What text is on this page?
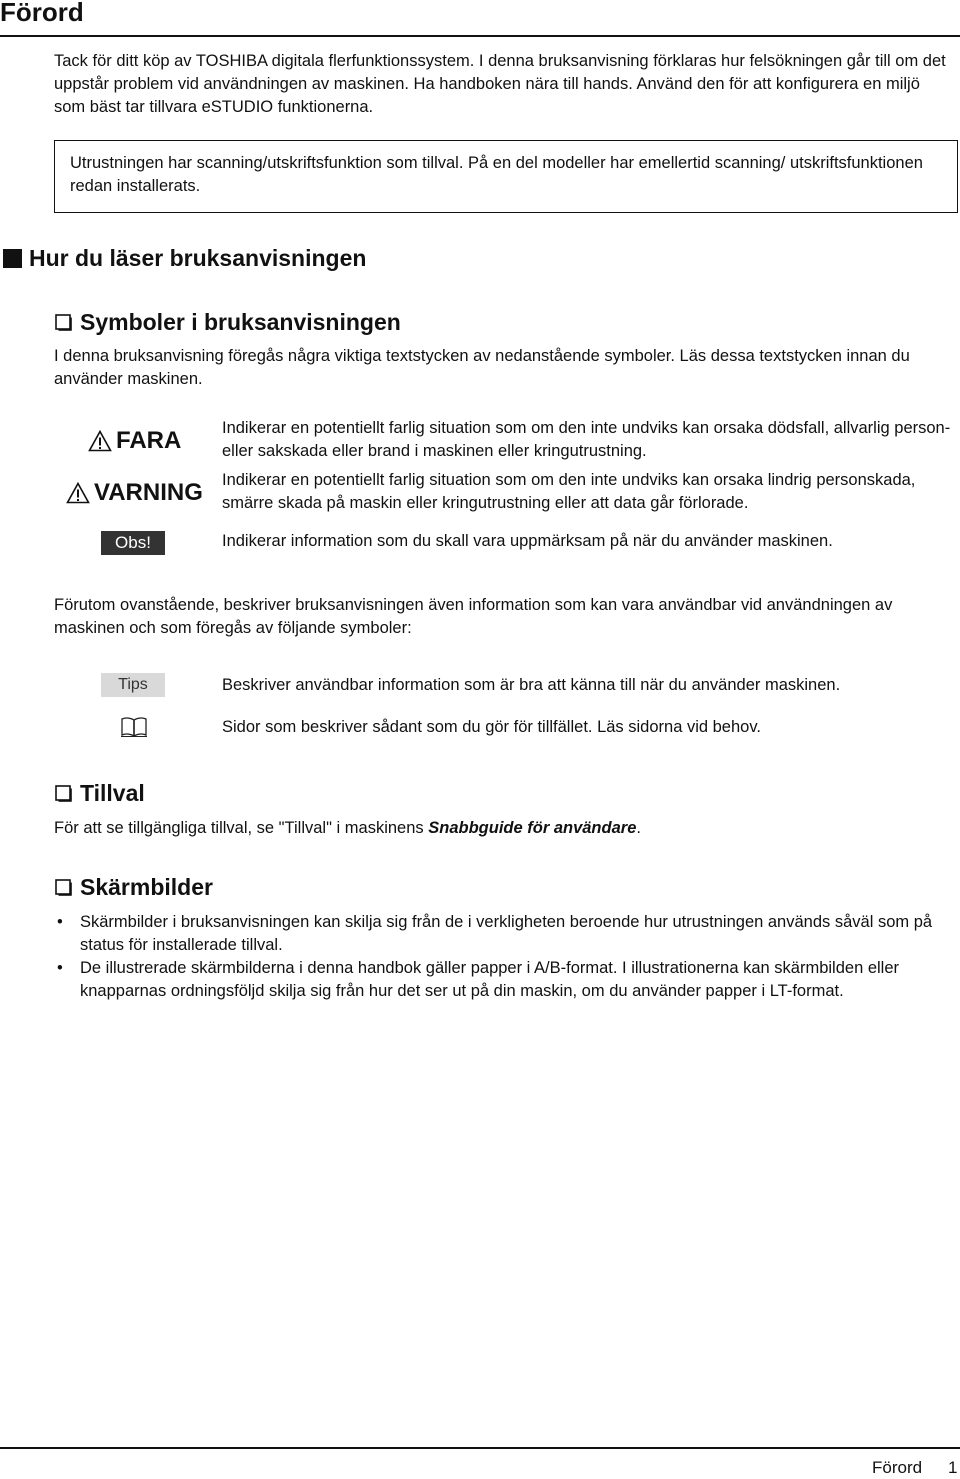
Förord

Tack för ditt köp av TOSHIBA digitala flerfunktionssystem. I denna bruksanvisning förklaras hur felsökningen går till om det uppstår problem vid användningen av maskinen. Ha handboken nära till hands. Använd den för att konfigurera en miljö som bäst tar tillvara eSTUDIO funktionerna.

Utrustningen har scanning/utskriftsfunktion som tillval. På en del modeller har emellertid scanning/ utskriftsfunktionen redan installerats.

Hur du läser bruksanvisningen
Symboler i bruksanvisningen

I denna bruksanvisning föregås några viktiga textstycken av nedanstående symboler. Läs dessa textstycken innan du använder maskinen.

FARA Indikerar en potentiellt farlig situation som om den inte undviks kan orsaka dödsfall, allvarlig person- eller sakskada eller brand i maskinen eller kringutrustning.

VARNING Indikerar en potentiellt farlig situation som om den inte undviks kan orsaka lindrig personskada, smärre skada på maskin eller kringutrustning eller att data går förlorade.

Obs!	Indikerar information som du skall vara uppmärksam på när du använder maskinen.

Förutom ovanstående, beskriver bruksanvisningen även information som kan vara användbar vid användningen av maskinen och som föregås av följande symboler:

Tips	Beskriver användbar information som är bra att känna till när du använder maskinen.

Sidor som beskriver sådant som du gör för tillfället. Läs sidorna vid behov.

Tillval

För att se tillgängliga tillval, se "Tillval" i maskinens Snabbguide för användare.

Skärmbilder
• Skärmbilder i bruksanvisningen kan skilja sig från de i verkligheten beroende hur utrustningen används såväl som på status för installerade tillval.
• De illustrerade skärmbilderna i denna handbok gäller papper i A/B-format. I illustrationerna kan skärmbilden eller knapparnas ordningsföljd skilja sig från hur det ser ut på din maskin, om du använder papper i LT-format.
Förord 1
